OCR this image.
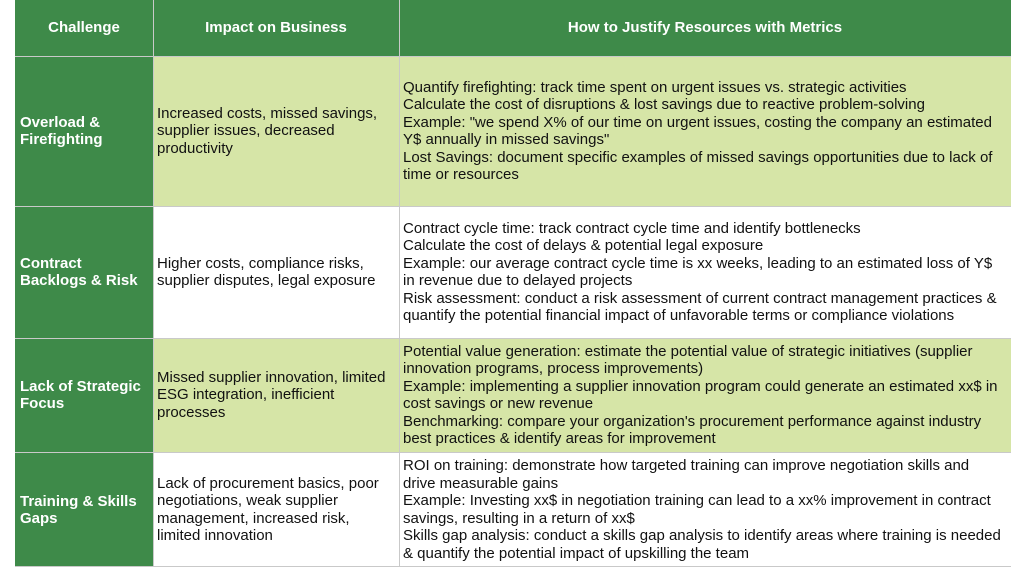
Challenge	Impact on Business	How to Justify Resources with Metrics
Overload & Firefighting
Increased costs, missed savings, supplier issues, decreased productivity
Quantify firefighting: track time spent on urgent issues vs. strategic activities
Calculate the cost of disruptions & lost savings due to reactive problem-solving
Example: "we spend X% of our time on urgent issues, costing the company an estimated Y$ annually in missed savings"
Lost Savings: document specific examples of missed savings opportunities due to lack of time or resources
Contract Backlogs & Risk
Higher costs, compliance risks, supplier disputes, legal exposure
Contract cycle time: track contract cycle time and identify bottlenecks
Calculate the cost of delays & potential legal exposure
Example: our average contract cycle time is xx weeks, leading to an estimated loss of Y$ in revenue due to delayed projects
Risk assessment: conduct a risk assessment of current contract management practices & quantify the potential financial impact of unfavorable terms or compliance violations
Lack of Strategic Focus
Missed supplier innovation, limited ESG integration, inefficient processes
Potential value generation: estimate the potential value of strategic initiatives (supplier innovation programs, process improvements)
Example: implementing a supplier innovation program could generate an estimated xx$ in cost savings or new revenue
Benchmarking: compare your organization's procurement performance against industry best practices & identify areas for improvement
Training & Skills Gaps
Lack of procurement basics, poor negotiations, weak supplier management, increased risk, limited innovation
ROI on training: demonstrate how targeted training can improve negotiation skills and drive measurable gains
Example: Investing xx$ in negotiation training can lead to a xx% improvement in contract savings, resulting in a return of xx$
Skills gap analysis: conduct a skills gap analysis to identify areas where training is needed & quantify the potential impact of upskilling the team
